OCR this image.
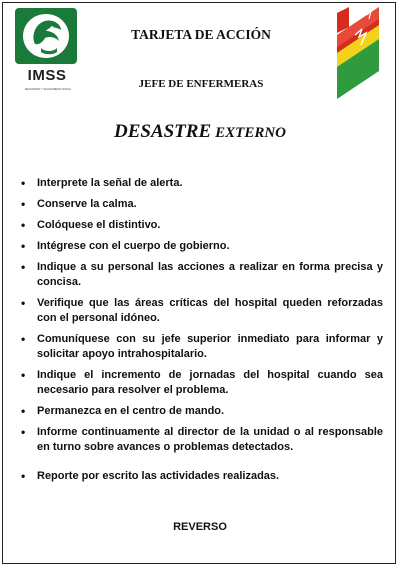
IMSS
SEGURIDAD Y SOLIDARIDAD SOCIAL
TARJETA DE ACCIÓN
JEFE DE ENFERMERAS
DESASTRE EXTERNO
• Interprete la señal de alerta.
• Conserve la calma.
• Colóquese el distintivo.
• Intégrese con el cuerpo de gobierno.
• Indique a su personal las acciones a realizar en forma precisa y concisa.
• Verifique que las áreas críticas del hospital queden reforzadas con el personal idóneo.
• Comuníquese con su jefe superior inmediato para informar y solicitar apoyo intrahospitalario.
• Indique el incremento de jornadas del hospital cuando sea necesario para resolver el problema.
• Permanezca en el centro de mando.
• Informe continuamente al director de la unidad o al responsable en turno sobre avances o problemas detectados.
• Reporte por escrito las actividades realizadas.
REVERSO
